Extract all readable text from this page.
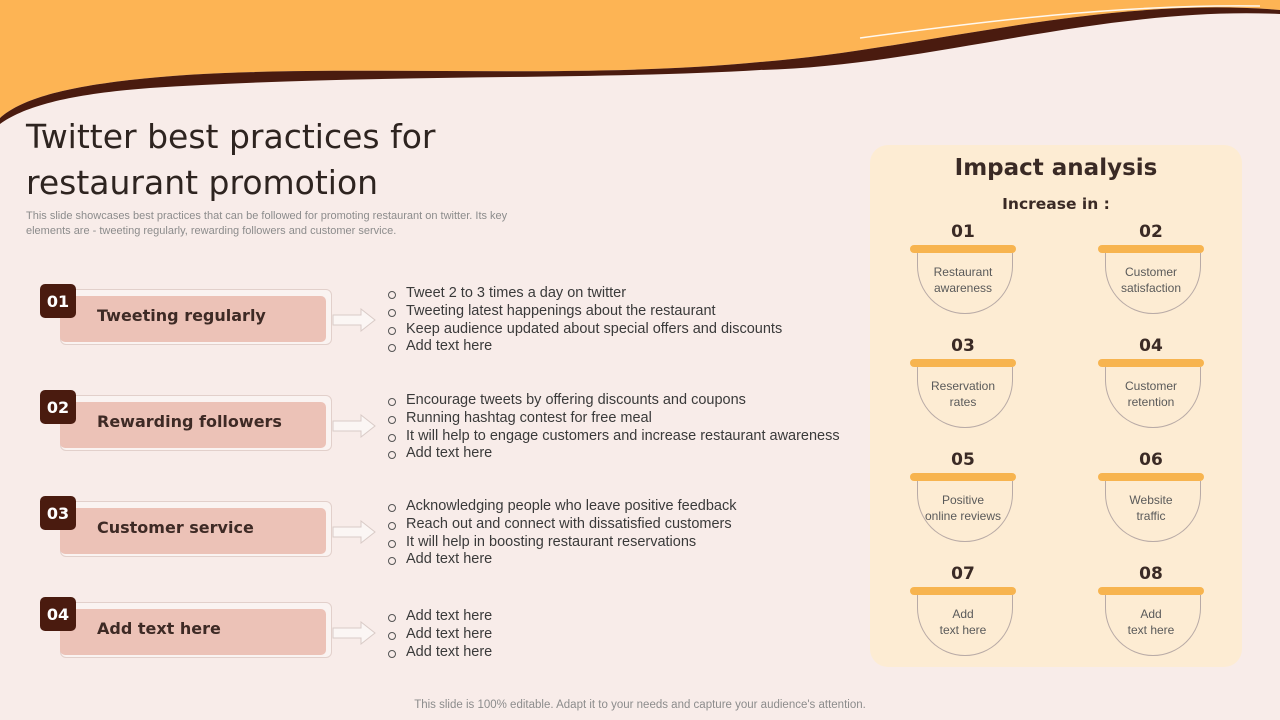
Twitter best practices for restaurant promotion
This slide showcases best practices that can be followed for promoting restaurant on twitter. Its key elements are - tweeting regularly, rewarding followers and customer service.
01
Tweeting regularly
Tweet 2 to 3 times a day on twitter
Tweeting latest happenings about the restaurant
Keep audience updated about special offers and discounts
Add text here
02
Rewarding followers
Encourage tweets by offering discounts and coupons
Running hashtag contest for free meal
It will help to engage customers and increase restaurant awareness
Add text here
03
Customer service
Acknowledging people who leave positive feedback
Reach out and connect with dissatisfied customers
It will help in boosting restaurant reservations
Add text here
04
Add text here
Add text here
Add text here
Add text here
Impact analysis
Increase in :
01
Restaurant
awareness
02
Customer
satisfaction
03
Reservation
rates
04
Customer
retention
05
Positive
online reviews
06
Website
traffic
07
Add
text here
08
Add
text here
This slide is 100% editable. Adapt it to your needs and capture your audience's attention.
